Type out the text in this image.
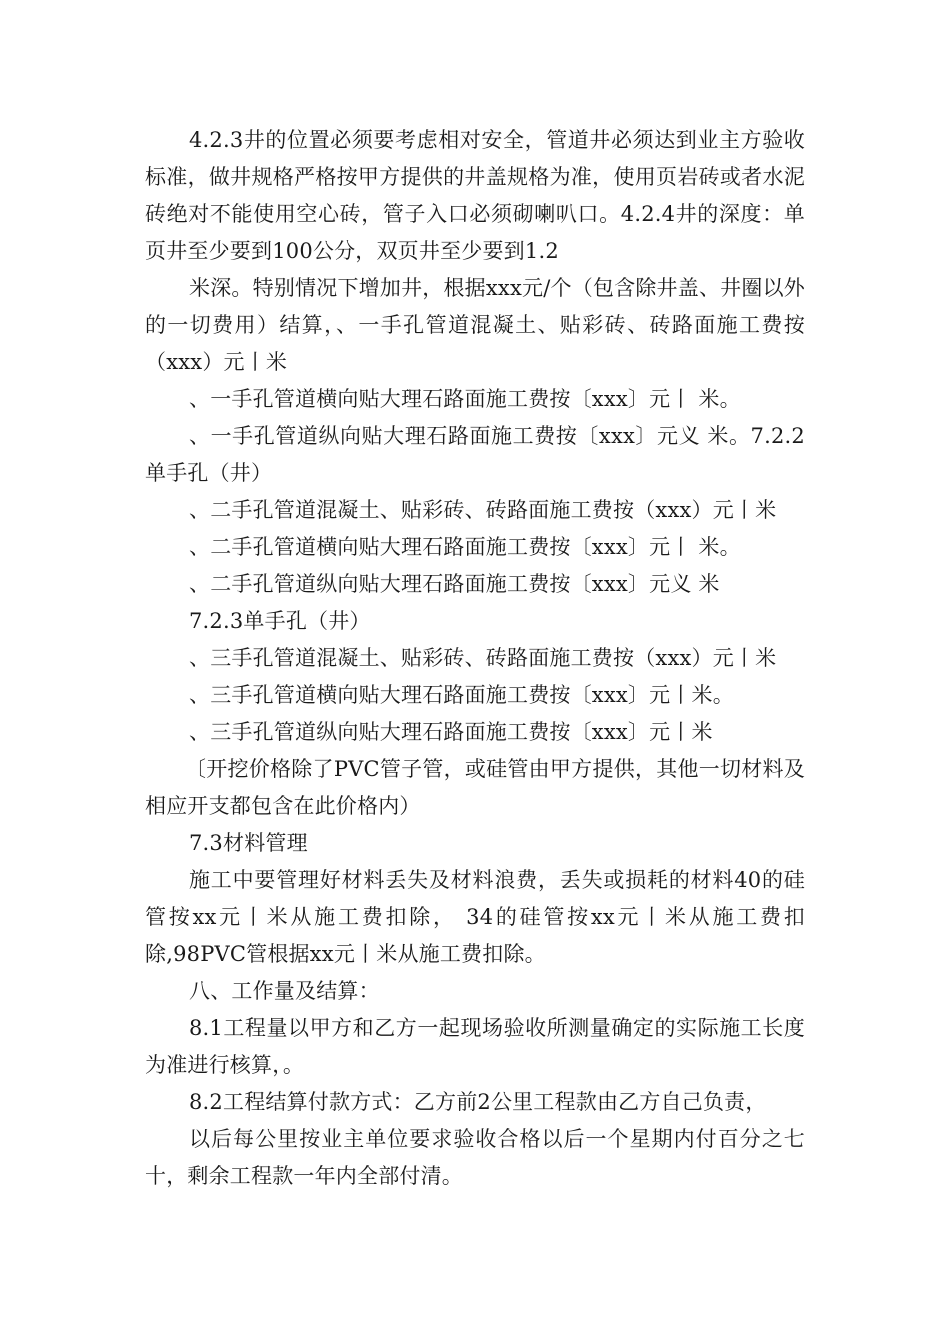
4.2.3井的位置必须要考虑相对安全，管道井必须达到业主方验收标准，做井规格严格按甲方提供的井盖规格为准，使用页岩砖或者水泥砖绝对不能使用空心砖，管子入口必须砌喇叭口。4.2.4井的深度：单页井至少要到100公分，双页井至少要到1.2

米深。特别情况下增加井，根据xxx元/个（包含除井盖、井圈以外的一切费用）结算，、一手孔管道混凝土、贴彩砖、砖路面施工费按（xxx）元丨米

、一手孔管道横向贴大理石路面施工费按〔xxx〕元丨 米。

、一手孔管道纵向贴大理石路面施工费按〔xxx〕元义 米。7.2.2单手孔（井）

、二手孔管道混凝土、贴彩砖、砖路面施工费按（xxx）元丨米

、二手孔管道横向贴大理石路面施工费按〔xxx〕元丨 米。

、二手孔管道纵向贴大理石路面施工费按〔xxx〕元义 米

7.2.3单手孔（井）

、三手孔管道混凝土、贴彩砖、砖路面施工费按（xxx）元丨米

、三手孔管道横向贴大理石路面施工费按〔xxx〕元丨米。

、三手孔管道纵向贴大理石路面施工费按〔xxx〕元丨米

〔开挖价格除了PVC管子管，或硅管由甲方提供，其他一切材料及相应开支都包含在此价格内）

7.3材料管理

施工中要管理好材料丢失及材料浪费，丢失或损耗的材料40的硅管按xx元丨米从施工费扣除， 34的硅管按xx元丨米从施工费扣除,98PVC管根据xx元丨米从施工费扣除。

八、工作量及结算：

8.1工程量以甲方和乙方一起现场验收所测量确定的实际施工长度为准进行核算，。

8.2工程结算付款方式：乙方前2公里工程款由乙方自己负责，

以后每公里按业主单位要求验收合格以后一个星期内付百分之七十，剩余工程款一年内全部付清。
